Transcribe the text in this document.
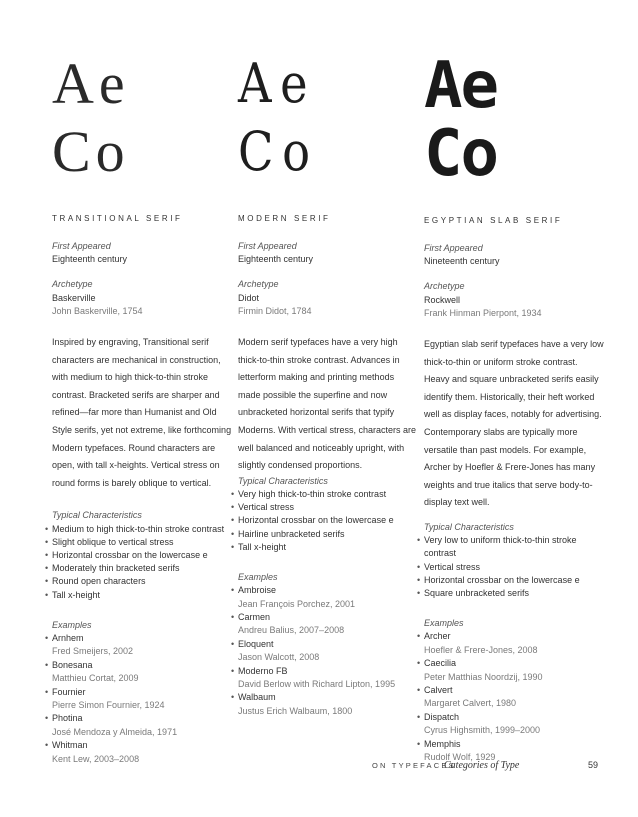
Ae
Co
TRANSITIONAL SERIF
First Appeared
Eighteenth century
Archetype
Baskerville
John Baskerville, 1754
Inspired by engraving, Transitional serif characters are mechanical in construction, with medium to high thick-to-thin stroke contrast. Bracketed serifs are sharper and refined—far more than Humanist and Old Style serifs, yet not extreme, like forthcoming Modern typefaces. Round characters are open, with tall x-heights. Vertical stress on round forms is barely oblique to vertical.
Typical Characteristics
• Medium to high thick-to-thin stroke contrast
• Slight oblique to vertical stress
• Horizontal crossbar on the lowercase e
• Moderately thin bracketed serifs
• Round open characters
• Tall x-height
Examples
• Arnhem
Fred Smeijers, 2002
• Bonesana
Matthieu Cortat, 2009
• Fournier
Pierre Simon Fournier, 1924
• Photina
José Mendoza y Almeida, 1971
• Whitman
Kent Lew, 2003–2008
Ae
Co
MODERN SERIF
First Appeared
Eighteenth century
Archetype
Didot
Firmin Didot, 1784
Modern serif typefaces have a very high thick-to-thin stroke contrast. Advances in letterform making and printing methods made possible the superfine and now unbracketed horizontal serifs that typify Moderns. With vertical stress, characters are well balanced and noticeably upright, with slightly condensed proportions.
Typical Characteristics
• Very high thick-to-thin stroke contrast
• Vertical stress
• Horizontal crossbar on the lowercase e
• Hairline unbracketed serifs
• Tall x-height
Examples
• Ambroise
Jean François Porchez, 2001
• Carmen
Andreu Balius, 2007–2008
• Eloquent
Jason Walcott, 2008
• Moderno FB
David Berlow with Richard Lipton, 1995
• Walbaum
Justus Erich Walbaum, 1800
Ae
Co
EGYPTIAN SLAB SERIF
First Appeared
Nineteenth century
Archetype
Rockwell
Frank Hinman Pierpont, 1934
Egyptian slab serif typefaces have a very low thick-to-thin or uniform stroke contrast. Heavy and square unbracketed serifs easily identify them. Historically, their heft worked well as display faces, notably for advertising. Contemporary slabs are typically more versatile than past models. For example, Archer by Hoefler & Frere-Jones has many weights and true italics that serve body-to-display text well.
Typical Characteristics
• Very low to uniform thick-to-thin stroke contrast
• Vertical stress
• Horizontal crossbar on the lowercase e
• Square unbracketed serifs
Examples
• Archer
Hoefler & Frere-Jones, 2008
• Caecilia
Peter Matthias Noordzij, 1990
• Calvert
Margaret Calvert, 1980
• Dispatch
Cyrus Highsmith, 1999–2000
• Memphis
Rudolf Wolf, 1929
ON TYPEFACES
Categories of Type	59
